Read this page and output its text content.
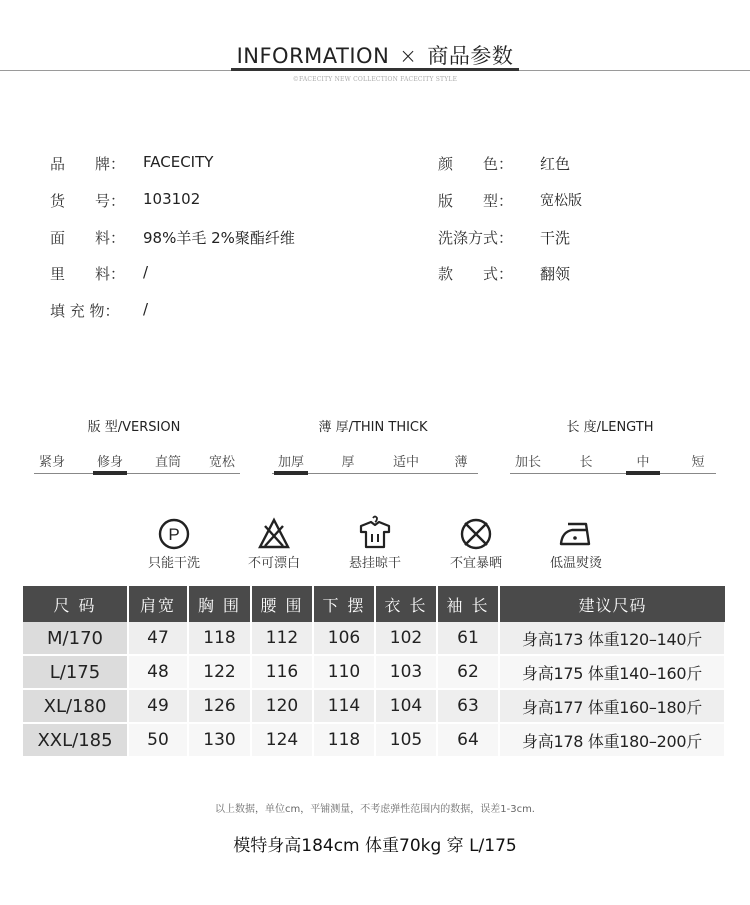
INFORMATION × 商品参数
©FACECITY NEW COLLECTION FACECITY STYLE
品　　牌： FACECITY
货　　号： 103102
面　　料： 98%羊毛 2%聚酯纤维
里　　料： /
填 充 物： /
颜　　色： 红色
版　　型： 宽松版
洗涤方式： 干洗
款　　式： 翻领
版 型/VERSION
紧身	修身	直筒	宽松
薄 厚/THIN THICK
加厚	厚	适中	薄
长 度/LENGTH
加长	长	中	短
P
只能干洗	不可漂白	悬挂晾干	不宜暴晒	低温熨烫
尺 码	肩宽	胸 围	腰 围	下 摆	衣 长	袖 长	建议尺码
M/170	47	118	112	106	102	61	身高173 体重120–140斤
L/175	48	122	116	110	103	62	身高175 体重140–160斤
XL/180	49	126	120	114	104	63	身高177 体重160–180斤
XXL/185	50	130	124	118	105	64	身高178 体重180–200斤
以上数据，单位cm，平铺测量，不考虑弹性范围内的数据，误差1-3cm.
模特身高184cm 体重70kg 穿 L/175
